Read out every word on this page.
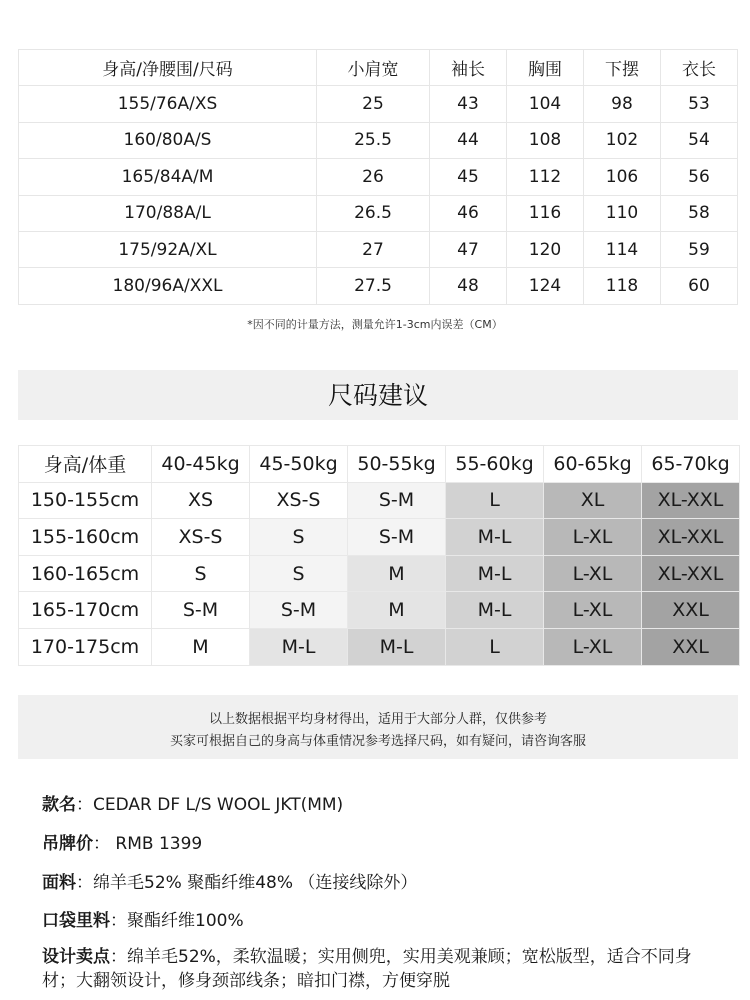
身高/净腰围/尺码	小肩宽	袖长	胸围	下摆	衣长
155/76A/XS	25	43	104	98	53
160/80A/S	25.5	44	108	102	54
165/84A/M	26	45	112	106	56
170/88A/L	26.5	46	116	110	58
175/92A/XL	27	47	120	114	59
180/96A/XXL	27.5	48	124	118	60
*因不同的计量方法，测量允许1-3cm内误差（CM）
尺码建议
身高/体重	40-45kg	45-50kg	50-55kg	55-60kg	60-65kg	65-70kg
150-155cm	XS	XS-S	S-M	L	XL	XL-XXL
155-160cm	XS-S	S	S-M	M-L	L-XL	XL-XXL
160-165cm	S	S	M	M-L	L-XL	XL-XXL
165-170cm	S-M	S-M	M	M-L	L-XL	XXL
170-175cm	M	M-L	M-L	L	L-XL	XXL
以上数据根据平均身材得出，适用于大部分人群，仅供参考
买家可根据自己的身高与体重情况参考选择尺码，如有疑问，请咨询客服
款名：CEDAR DF L/S WOOL JKT(MM)
吊牌价： RMB 1399
面料：绵羊毛52% 聚酯纤维48% （连接线除外）
口袋里料：聚酯纤维100%
设计卖点：绵羊毛52%，柔软温暖；实用侧兜，实用美观兼顾；宽松版型，适合不同身材；大翻领设计，修身颈部线条；暗扣门襟，方便穿脱
